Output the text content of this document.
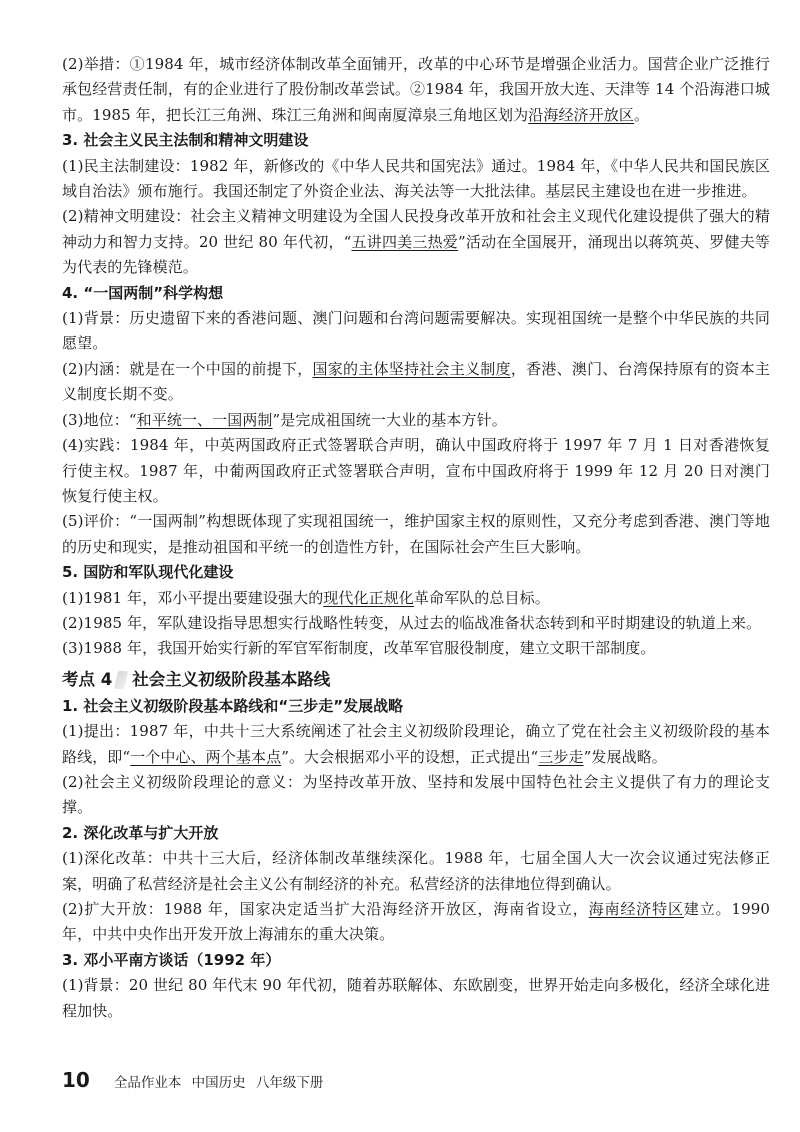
(2)举措：①1984 年，城市经济体制改革全面铺开，改革的中心环节是增强企业活力。国营企业广泛推行承包经营责任制，有的企业进行了股份制改革尝试。②1984 年，我国开放大连、天津等 14 个沿海港口城市。1985 年，把长江三角洲、珠江三角洲和闽南厦漳泉三角地区划为沿海经济开放区。

3. 社会主义民主法制和精神文明建设

(1)民主法制建设：1982 年，新修改的《中华人民共和国宪法》通过。1984 年，《中华人民共和国民族区域自治法》颁布施行。我国还制定了外资企业法、海关法等一大批法律。基层民主建设也在进一步推进。

(2)精神文明建设：社会主义精神文明建设为全国人民投身改革开放和社会主义现代化建设提供了强大的精神动力和智力支持。20 世纪 80 年代初，“五讲四美三热爱”活动在全国展开，涌现出以蒋筑英、罗健夫等为代表的先锋模范。

4. “一国两制”科学构想

(1)背景：历史遗留下来的香港问题、澳门问题和台湾问题需要解决。实现祖国统一是整个中华民族的共同愿望。

(2)内涵：就是在一个中国的前提下，国家的主体坚持社会主义制度，香港、澳门、台湾保持原有的资本主义制度长期不变。

(3)地位：“和平统一、一国两制”是完成祖国统一大业的基本方针。

(4)实践：1984 年，中英两国政府正式签署联合声明，确认中国政府将于 1997 年 7 月 1 日对香港恢复行使主权。1987 年，中葡两国政府正式签署联合声明，宣布中国政府将于 1999 年 12 月 20 日对澳门恢复行使主权。

(5)评价：“一国两制”构想既体现了实现祖国统一，维护国家主权的原则性，又充分考虑到香港、澳门等地的历史和现实，是推动祖国和平统一的创造性方针，在国际社会产生巨大影响。

5. 国防和军队现代化建设

(1)1981 年，邓小平提出要建设强大的现代化正规化革命军队的总目标。

(2)1985 年，军队建设指导思想实行战略性转变，从过去的临战准备状态转到和平时期建设的轨道上来。

(3)1988 年，我国开始实行新的军官军衔制度，改革军官服役制度，建立文职干部制度。

考点 4 社会主义初级阶段基本路线
1. 社会主义初级阶段基本路线和“三步走”发展战略

(1)提出：1987 年，中共十三大系统阐述了社会主义初级阶段理论，确立了党在社会主义初级阶段的基本路线，即“一个中心、两个基本点”。大会根据邓小平的设想，正式提出“三步走”发展战略。

(2)社会主义初级阶段理论的意义：为坚持改革开放、坚持和发展中国特色社会主义提供了有力的理论支撑。

2. 深化改革与扩大开放

(1)深化改革：中共十三大后，经济体制改革继续深化。1988 年，七届全国人大一次会议通过宪法修正案，明确了私营经济是社会主义公有制经济的补充。私营经济的法律地位得到确认。

(2)扩大开放：1988 年，国家决定适当扩大沿海经济开放区，海南省设立，海南经济特区建立。1990 年，中共中央作出开发开放上海浦东的重大决策。

3. 邓小平南方谈话（1992 年）

(1)背景：20 世纪 80 年代末 90 年代初，随着苏联解体、东欧剧变，世界开始走向多极化，经济全球化进程加快。

10 全品作业本 中国历史 八年级下册
